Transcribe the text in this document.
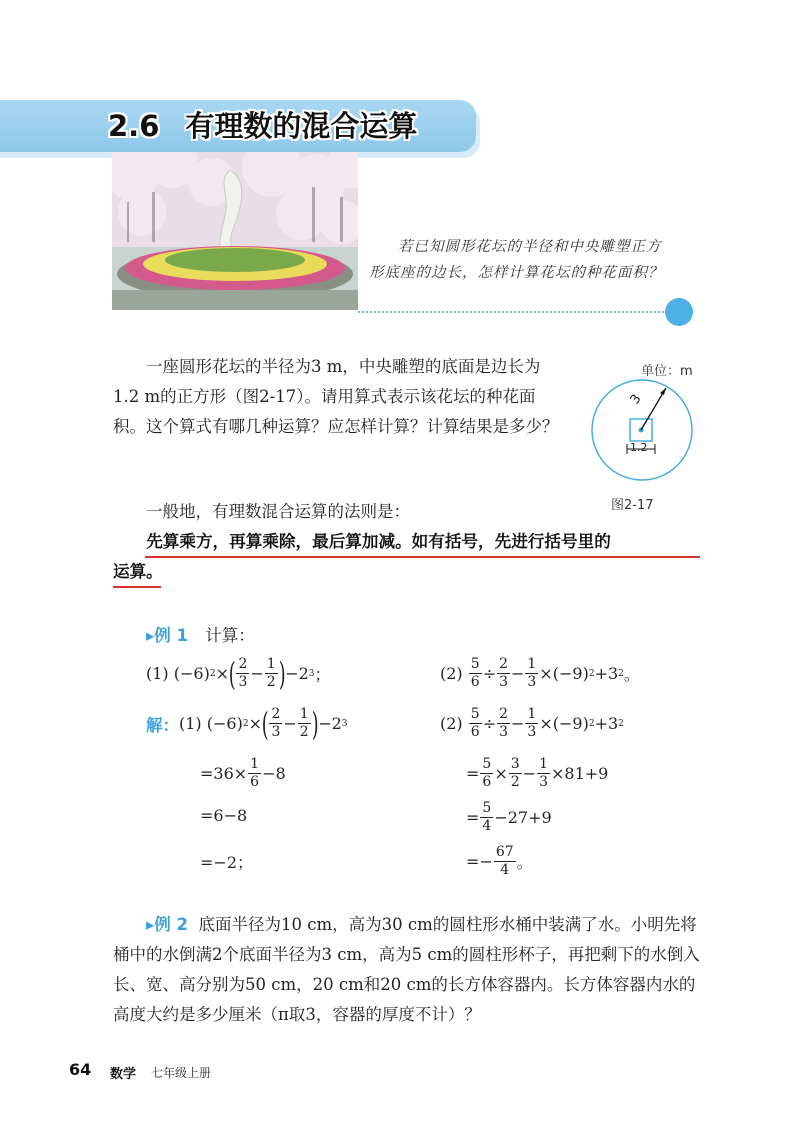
2.6 有理数的混合运算
若已知圆形花坛的半径和中央雕塑正方形底座的边长，怎样计算花坛的种花面积？
一座圆形花坛的半径为3 m，中央雕塑的底面是边长为1.2 m的正方形（图2-17）。请用算式表示该花坛的种花面积。这个算式有哪几种运算？应怎样计算？计算结果是多少？
单位：m
3
1.2
图2-17
一般地，有理数混合运算的法则是：
先算乘方，再算乘除，最后算加减。如有括号，先进行括号里的
运算。
▸例 1 计算：
(1)
(−6) 2 × ( $\frac{2}{3} - \frac{1}{2}$ ) −2 3 ；	(2)
$\frac{5}{6} \div \frac{2}{3} - \frac{1}{3} \times(-9)$ 2 +3 2 。
解： (1)
(−6) 2 × ( $\frac{2}{3} - \frac{1}{2}$ ) −2 3
$=36\times \frac{1}{6} -8$
=6−8
=−2；
(2)
$\frac{5}{6} \div \frac{2}{3} - \frac{1}{3} \times(-9)$ 2 +3 2
= $\frac{5}{6} \times \frac{3}{2} - \frac{1}{3} \times 81+9$
= $\frac{5}{4} -27+9$
=− $\frac{67}{4}$ 。
▸例 2 底面半径为10 cm，高为30 cm的圆柱形水桶中装满了水。小明先将桶中的水倒满2个底面半径为3 cm，高为5 cm的圆柱形杯子，再把剩下的水倒入长、宽、高分别为50 cm，20 cm和20 cm的长方体容器内。长方体容器内水的高度大约是多少厘米（π取3，容器的厚度不计）？
64 数学 七年级上册
